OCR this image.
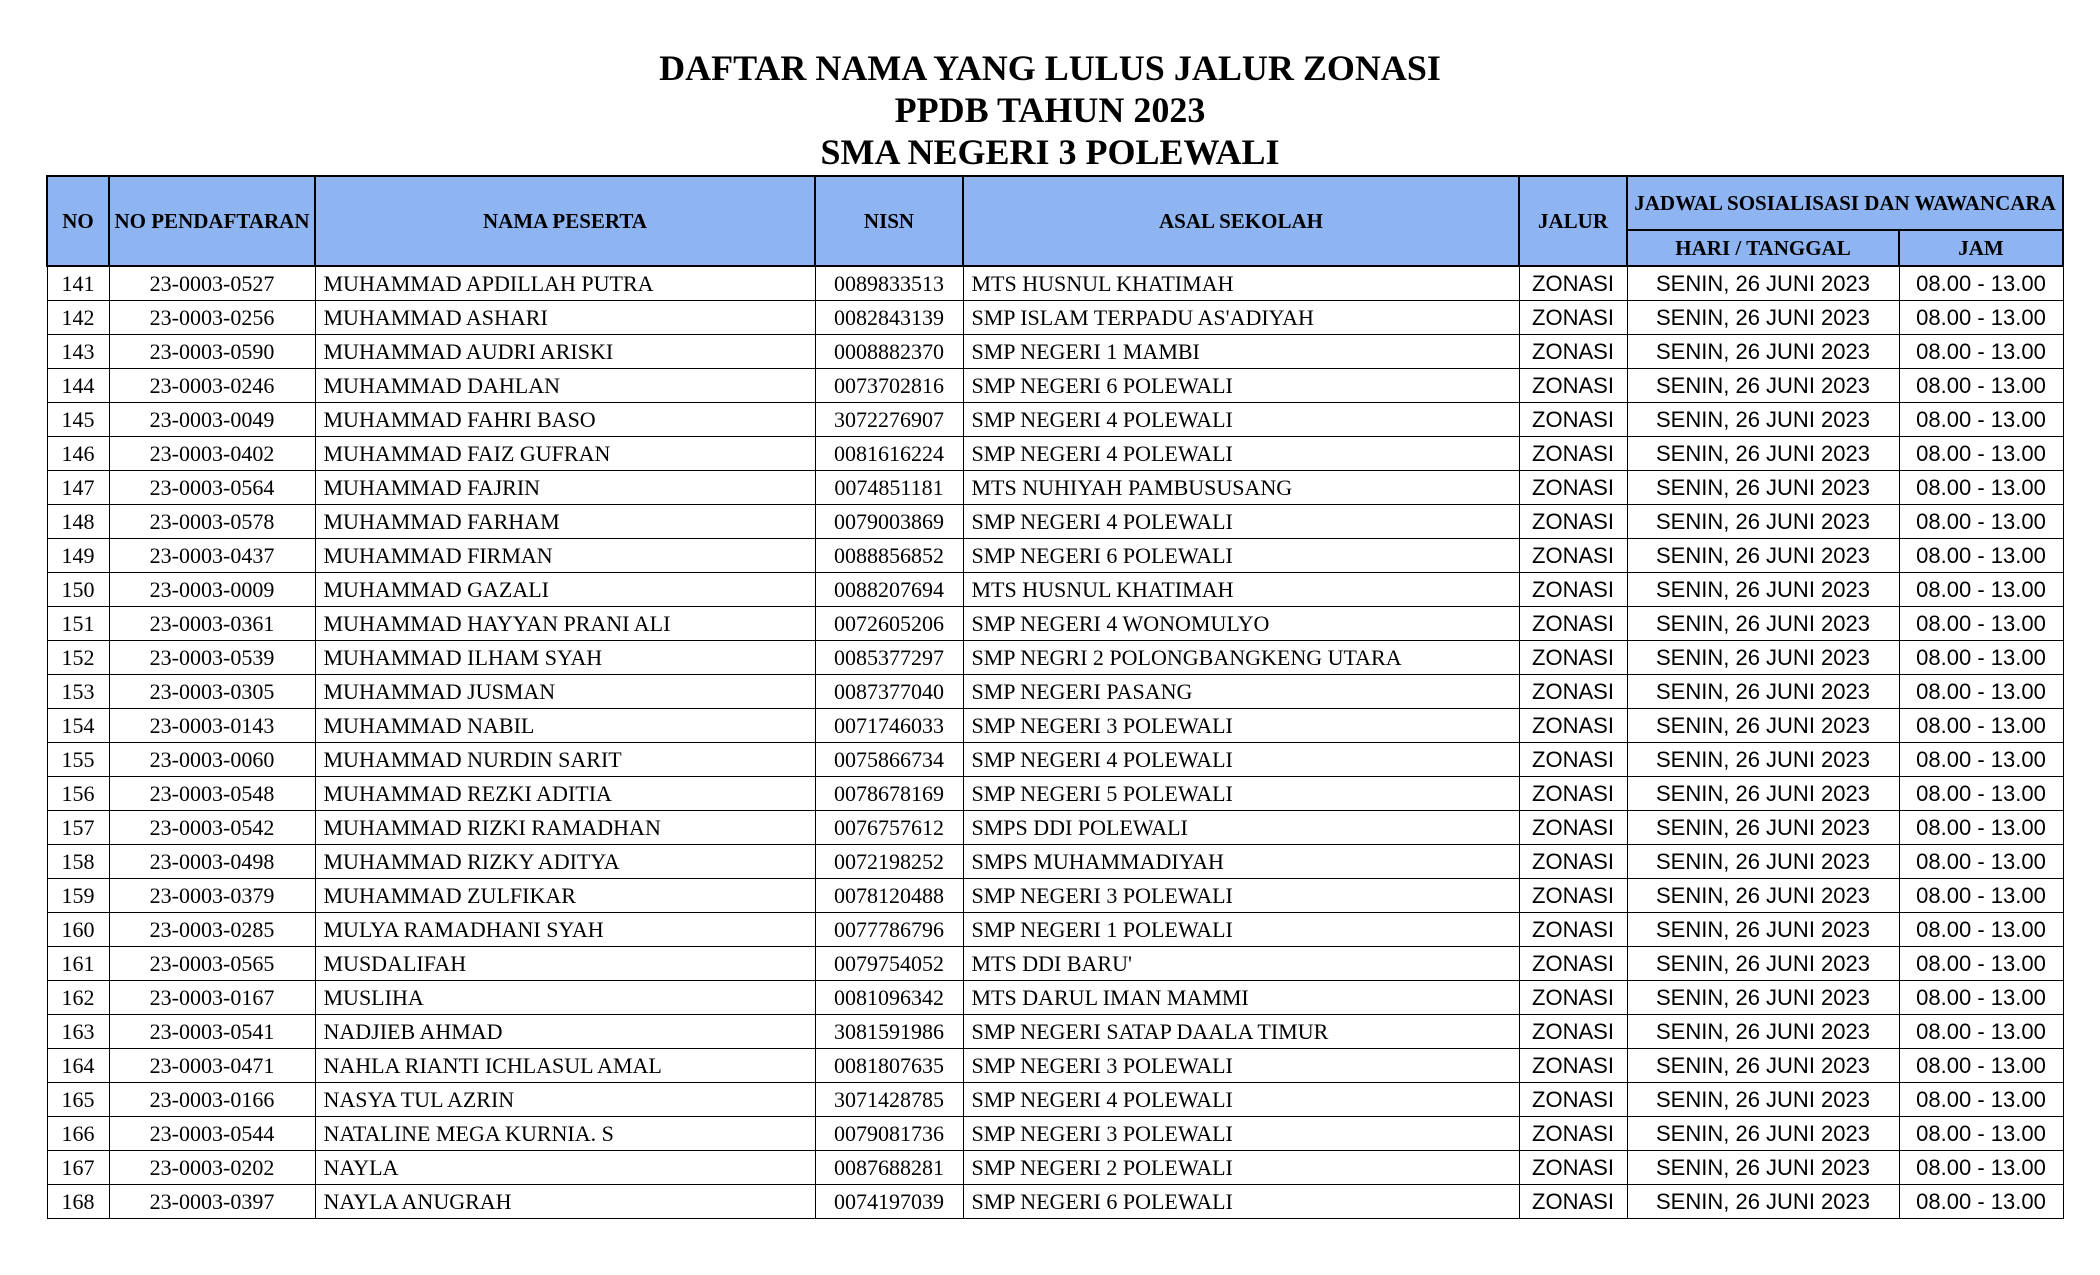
DAFTAR NAMA YANG LULUS JALUR ZONASI
PPDB TAHUN 2023
SMA NEGERI 3 POLEWALI
NO	NO PENDAFTARAN	NAMA PESERTA	NISN	ASAL SEKOLAH	JALUR	JADWAL SOSIALISASI DAN WAWANCARA	
						HARI / TANGGAL	JAM
141	23-0003-0527	MUHAMMAD APDILLAH PUTRA	0089833513	MTS HUSNUL KHATIMAH	ZONASI	SENIN, 26 JUNI 2023	08.00 - 13.00
142	23-0003-0256	MUHAMMAD ASHARI	0082843139	SMP ISLAM TERPADU AS'ADIYAH	ZONASI	SENIN, 26 JUNI 2023	08.00 - 13.00
143	23-0003-0590	MUHAMMAD AUDRI ARISKI	0008882370	SMP NEGERI 1 MAMBI	ZONASI	SENIN, 26 JUNI 2023	08.00 - 13.00
144	23-0003-0246	MUHAMMAD DAHLAN	0073702816	SMP NEGERI 6 POLEWALI	ZONASI	SENIN, 26 JUNI 2023	08.00 - 13.00
145	23-0003-0049	MUHAMMAD FAHRI BASO	3072276907	SMP NEGERI 4 POLEWALI	ZONASI	SENIN, 26 JUNI 2023	08.00 - 13.00
146	23-0003-0402	MUHAMMAD FAIZ GUFRAN	0081616224	SMP NEGERI 4 POLEWALI	ZONASI	SENIN, 26 JUNI 2023	08.00 - 13.00
147	23-0003-0564	MUHAMMAD FAJRIN	0074851181	MTS NUHIYAH PAMBUSUSANG	ZONASI	SENIN, 26 JUNI 2023	08.00 - 13.00
148	23-0003-0578	MUHAMMAD FARHAM	0079003869	SMP NEGERI 4 POLEWALI	ZONASI	SENIN, 26 JUNI 2023	08.00 - 13.00
149	23-0003-0437	MUHAMMAD FIRMAN	0088856852	SMP NEGERI 6 POLEWALI	ZONASI	SENIN, 26 JUNI 2023	08.00 - 13.00
150	23-0003-0009	MUHAMMAD GAZALI	0088207694	MTS HUSNUL KHATIMAH	ZONASI	SENIN, 26 JUNI 2023	08.00 - 13.00
151	23-0003-0361	MUHAMMAD HAYYAN PRANI ALI	0072605206	SMP NEGERI 4 WONOMULYO	ZONASI	SENIN, 26 JUNI 2023	08.00 - 13.00
152	23-0003-0539	MUHAMMAD ILHAM SYAH	0085377297	SMP NEGRI 2 POLONGBANGKENG UTARA	ZONASI	SENIN, 26 JUNI 2023	08.00 - 13.00
153	23-0003-0305	MUHAMMAD JUSMAN	0087377040	SMP NEGERI PASANG	ZONASI	SENIN, 26 JUNI 2023	08.00 - 13.00
154	23-0003-0143	MUHAMMAD NABIL	0071746033	SMP NEGERI 3 POLEWALI	ZONASI	SENIN, 26 JUNI 2023	08.00 - 13.00
155	23-0003-0060	MUHAMMAD NURDIN SARIT	0075866734	SMP NEGERI 4 POLEWALI	ZONASI	SENIN, 26 JUNI 2023	08.00 - 13.00
156	23-0003-0548	MUHAMMAD REZKI ADITIA	0078678169	SMP NEGERI 5 POLEWALI	ZONASI	SENIN, 26 JUNI 2023	08.00 - 13.00
157	23-0003-0542	MUHAMMAD RIZKI RAMADHAN	0076757612	SMPS DDI POLEWALI	ZONASI	SENIN, 26 JUNI 2023	08.00 - 13.00
158	23-0003-0498	MUHAMMAD RIZKY ADITYA	0072198252	SMPS MUHAMMADIYAH	ZONASI	SENIN, 26 JUNI 2023	08.00 - 13.00
159	23-0003-0379	MUHAMMAD ZULFIKAR	0078120488	SMP NEGERI 3 POLEWALI	ZONASI	SENIN, 26 JUNI 2023	08.00 - 13.00
160	23-0003-0285	MULYA RAMADHANI SYAH	0077786796	SMP NEGERI 1 POLEWALI	ZONASI	SENIN, 26 JUNI 2023	08.00 - 13.00
161	23-0003-0565	MUSDALIFAH	0079754052	MTS DDI BARU'	ZONASI	SENIN, 26 JUNI 2023	08.00 - 13.00
162	23-0003-0167	MUSLIHA	0081096342	MTS DARUL IMAN MAMMI	ZONASI	SENIN, 26 JUNI 2023	08.00 - 13.00
163	23-0003-0541	NADJIEB AHMAD	3081591986	SMP NEGERI SATAP DAALA TIMUR	ZONASI	SENIN, 26 JUNI 2023	08.00 - 13.00
164	23-0003-0471	NAHLA RIANTI ICHLASUL AMAL	0081807635	SMP NEGERI 3 POLEWALI	ZONASI	SENIN, 26 JUNI 2023	08.00 - 13.00
165	23-0003-0166	NASYA TUL AZRIN	3071428785	SMP NEGERI 4 POLEWALI	ZONASI	SENIN, 26 JUNI 2023	08.00 - 13.00
166	23-0003-0544	NATALINE MEGA KURNIA. S	0079081736	SMP NEGERI 3 POLEWALI	ZONASI	SENIN, 26 JUNI 2023	08.00 - 13.00
167	23-0003-0202	NAYLA	0087688281	SMP NEGERI 2 POLEWALI	ZONASI	SENIN, 26 JUNI 2023	08.00 - 13.00
168	23-0003-0397	NAYLA ANUGRAH	0074197039	SMP NEGERI 6 POLEWALI	ZONASI	SENIN, 26 JUNI 2023	08.00 - 13.00
